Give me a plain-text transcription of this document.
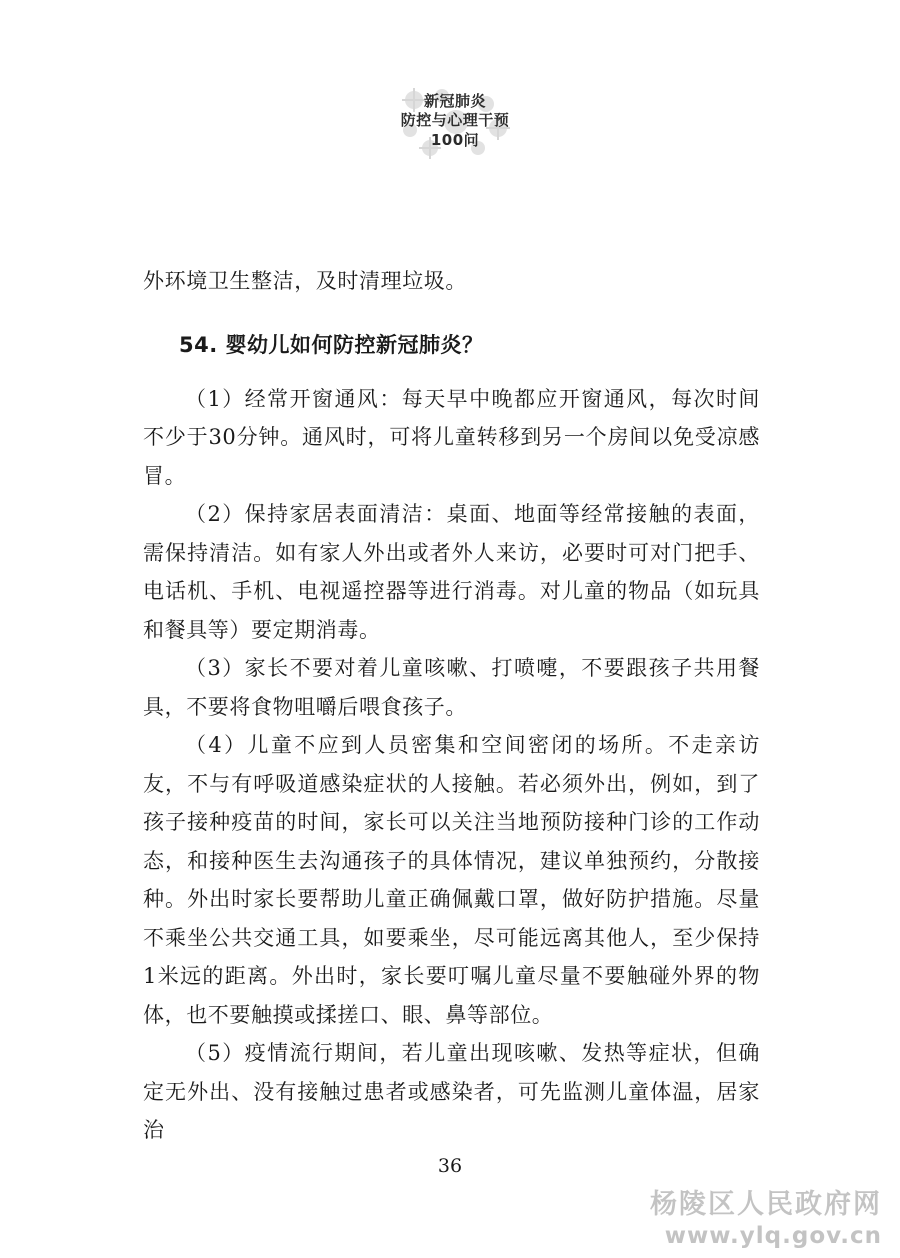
新冠肺炎
防控与心理干预
100问

外环境卫生整洁，及时清理垃圾。

54. 婴幼儿如何防控新冠肺炎？

（1）经常开窗通风：每天早中晚都应开窗通风，每次时间不少于30分钟。通风时，可将儿童转移到另一个房间以免受凉感冒。

（2）保持家居表面清洁：桌面、地面等经常接触的表面，需保持清洁。如有家人外出或者外人来访，必要时可对门把手、电话机、手机、电视遥控器等进行消毒。对儿童的物品（如玩具和餐具等）要定期消毒。

（3）家长不要对着儿童咳嗽、打喷嚏，不要跟孩子共用餐具，不要将食物咀嚼后喂食孩子。

（4）儿童不应到人员密集和空间密闭的场所。不走亲访友，不与有呼吸道感染症状的人接触。若必须外出，例如，到了孩子接种疫苗的时间，家长可以关注当地预防接种门诊的工作动态，和接种医生去沟通孩子的具体情况，建议单独预约，分散接种。外出时家长要帮助儿童正确佩戴口罩，做好防护措施。尽量不乘坐公共交通工具，如要乘坐，尽可能远离其他人，至少保持1米远的距离。外出时，家长要叮嘱儿童尽量不要触碰外界的物体，也不要触摸或揉搓口、眼、鼻等部位。

（5）疫情流行期间，若儿童出现咳嗽、发热等症状，但确定无外出、没有接触过患者或感染者，可先监测儿童体温，居家治

36
杨陵区人民政府网
www.ylq.gov.cn
